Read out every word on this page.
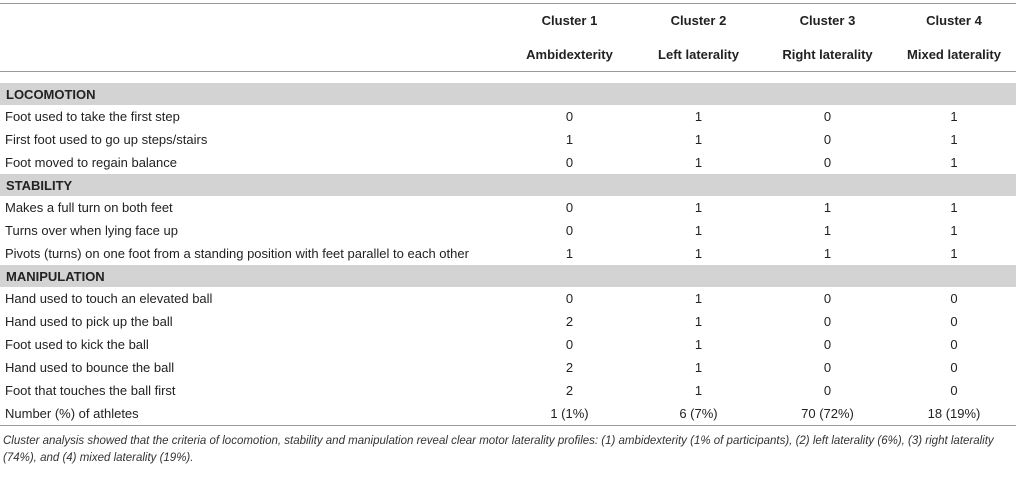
	Cluster 1	Cluster 2	Cluster 3	Cluster 4
	Ambidexterity	Left laterality	Right laterality	Mixed laterality

LOCOMOTION				
Foot used to take the first step	0	1	0	1
First foot used to go up steps/stairs	1	1	0	1
Foot moved to regain balance	0	1	0	1
STABILITY				
Makes a full turn on both feet	0	1	1	1
Turns over when lying face up	0	1	1	1
Pivots (turns) on one foot from a standing position with feet parallel to each other	1	1	1	1
MANIPULATION				
Hand used to touch an elevated ball	0	1	0	0
Hand used to pick up the ball	2	1	0	0
Foot used to kick the ball	0	1	0	0
Hand used to bounce the ball	2	1	0	0
Foot that touches the ball first	2	1	0	0
Number (%) of athletes	1 (1%)	6 (7%)	70 (72%)	18 (19%)
Cluster analysis showed that the criteria of locomotion, stability and manipulation reveal clear motor laterality profiles: (1) ambidexterity (1% of participants), (2) left laterality (6%), (3) right laterality (74%), and (4) mixed laterality (19%).
